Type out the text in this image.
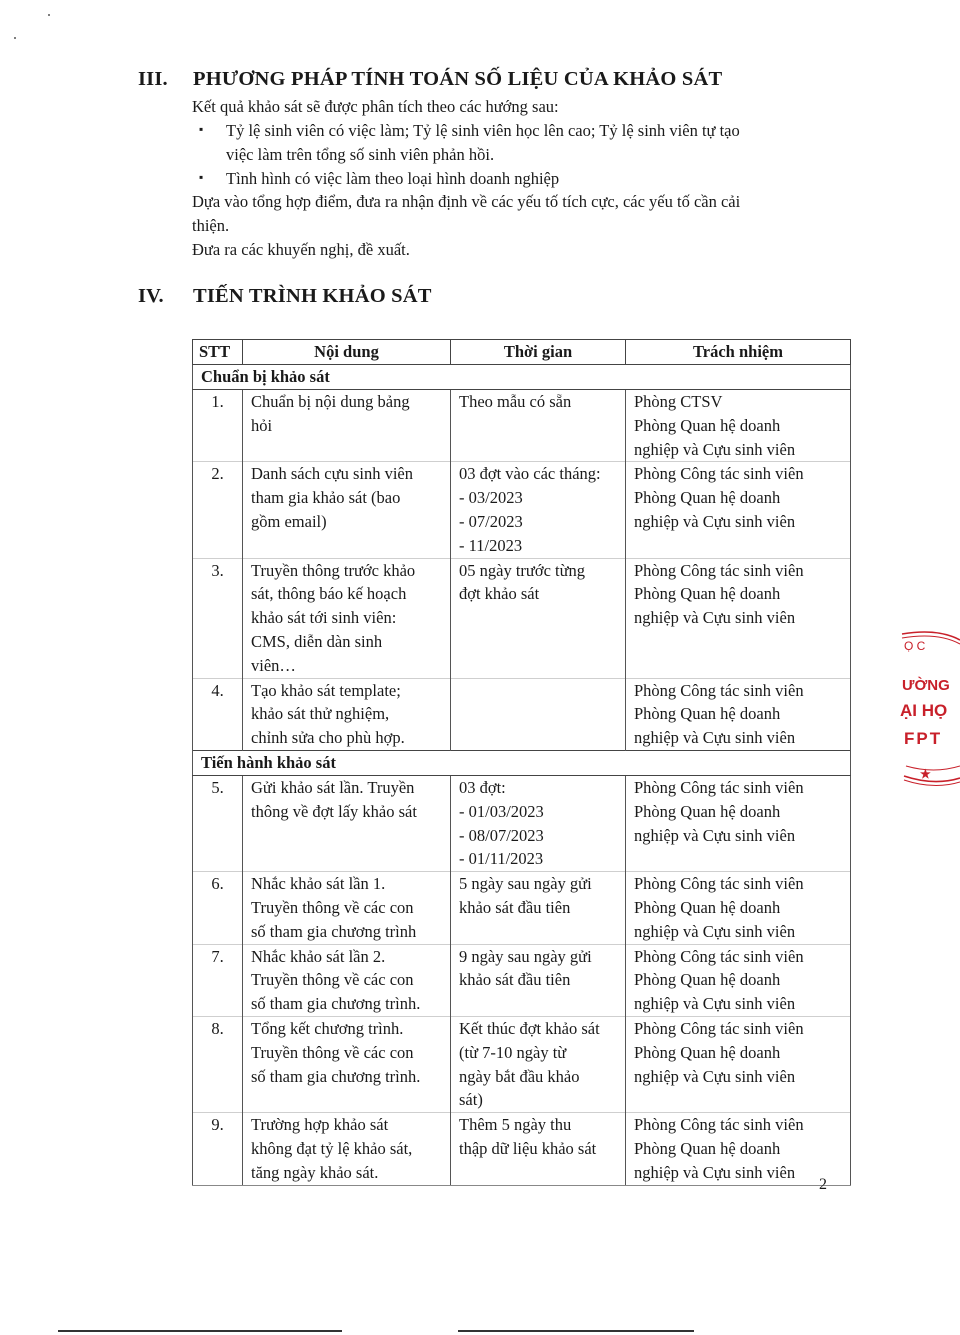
III. PHƯƠNG PHÁP TÍNH TOÁN SỐ LIỆU CỦA KHẢO SÁT
Kết quả khảo sát sẽ được phân tích theo các hướng sau:
▪ Tỷ lệ sinh viên có việc làm; Tỷ lệ sinh viên học lên cao; Tỷ lệ sinh viên tự tạo
việc làm trên tổng số sinh viên phản hồi.
▪ Tình hình có việc làm theo loại hình doanh nghiệp
Dựa vào tổng hợp điểm, đưa ra nhận định về các yếu tố tích cực, các yếu tố cần cải
thiện.
Đưa ra các khuyến nghị, đề xuất.
IV. TIẾN TRÌNH KHẢO SÁT
STT	Nội dung	Thời gian	Trách nhiệm
Chuẩn bị khảo sát			
1.	Chuẩn bị nội dung bảng
hỏi	Theo mẫu có sẵn	Phòng CTSV
Phòng Quan hệ doanh
nghiệp và Cựu sinh viên

2.	Danh sách cựu sinh viên
tham gia khảo sát (bao
gồm email)	03 đợt vào các tháng:
- 03/2023
- 07/2023
- 11/2023	Phòng Công tác sinh viên
Phòng Quan hệ doanh
nghiệp và Cựu sinh viên

3.	Truyền thông trước khảo
sát, thông báo kế hoạch
khảo sát tới sinh viên:
CMS, diễn dàn sinh
viên…	05 ngày trước từng
đợt khảo sát	Phòng Công tác sinh viên
Phòng Quan hệ doanh
nghiệp và Cựu sinh viên

4.	Tạo khảo sát template;
khảo sát thử nghiệm,
chỉnh sửa cho phù hợp.		Phòng Công tác sinh viên
Phòng Quan hệ doanh
nghiệp và Cựu sinh viên

Tiến hành khảo sát			
5.	Gửi khảo sát lần. Truyền
thông về đợt lấy khảo sát	03 đợt:
- 01/03/2023
- 08/07/2023
- 01/11/2023	Phòng Công tác sinh viên
Phòng Quan hệ doanh
nghiệp và Cựu sinh viên

6.	Nhắc khảo sát lần 1.
Truyền thông về các con
số tham gia chương trình	5 ngày sau ngày gửi
khảo sát đầu tiên	Phòng Công tác sinh viên
Phòng Quan hệ doanh
nghiệp và Cựu sinh viên

7.	Nhắc khảo sát lần 2.
Truyền thông về các con
số tham gia chương trình.	9 ngày sau ngày gửi
khảo sát đầu tiên	Phòng Công tác sinh viên
Phòng Quan hệ doanh
nghiệp và Cựu sinh viên

8.	Tổng kết chương trình.
Truyền thông về các con
số tham gia chương trình.	Kết thúc đợt khảo sát
(từ 7-10 ngày từ
ngày bắt đầu khảo
sát)	Phòng Công tác sinh viên
Phòng Quan hệ doanh
nghiệp và Cựu sinh viên

9.	Trường hợp khảo sát
không đạt tỷ lệ khảo sát,
tăng ngày khảo sát.	Thêm 5 ngày thu
thập dữ liệu khảo sát	Phòng Công tác sinh viên
Phòng Quan hệ doanh
nghiệp và Cựu sinh viên
2
Ọ C
ƯỜNG
ẠI HỌ
FPT
★
